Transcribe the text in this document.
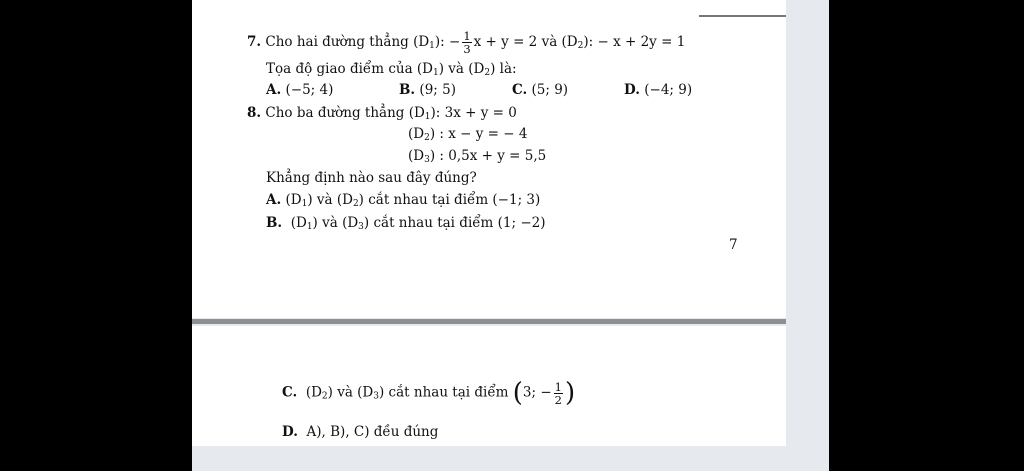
7. Cho hai đường thẳng $(D_1)$: − $\frac{1}{3}$ x + y = 2 và $(D_2)$: − x + 2y = 1
Tọa độ giao điểm của $(D_1)$ và $(D_2)$ là:
A. (−5; 4)	B. (9; 5)	C. (5; 9)	D. (−4; 9)
8. Cho ba đường thẳng $(D_1)$: 3x + y = 0
$(D_2)$ : x − y = − 4
$(D_3)$ : 0,5x + y = 5,5
Khẳng định nào sau đây đúng?
A. $(D_1)$ và $(D_2)$ cắt nhau tại điểm (−1; 3)
B. $(D_1)$ và $(D_3)$ cắt nhau tại điểm (1; −2)
7
C. $(D_2)$ và $(D_3)$ cắt nhau tại điểm (3; − $\frac{1}{2}$ )
D. A), B), C) đều đúng
